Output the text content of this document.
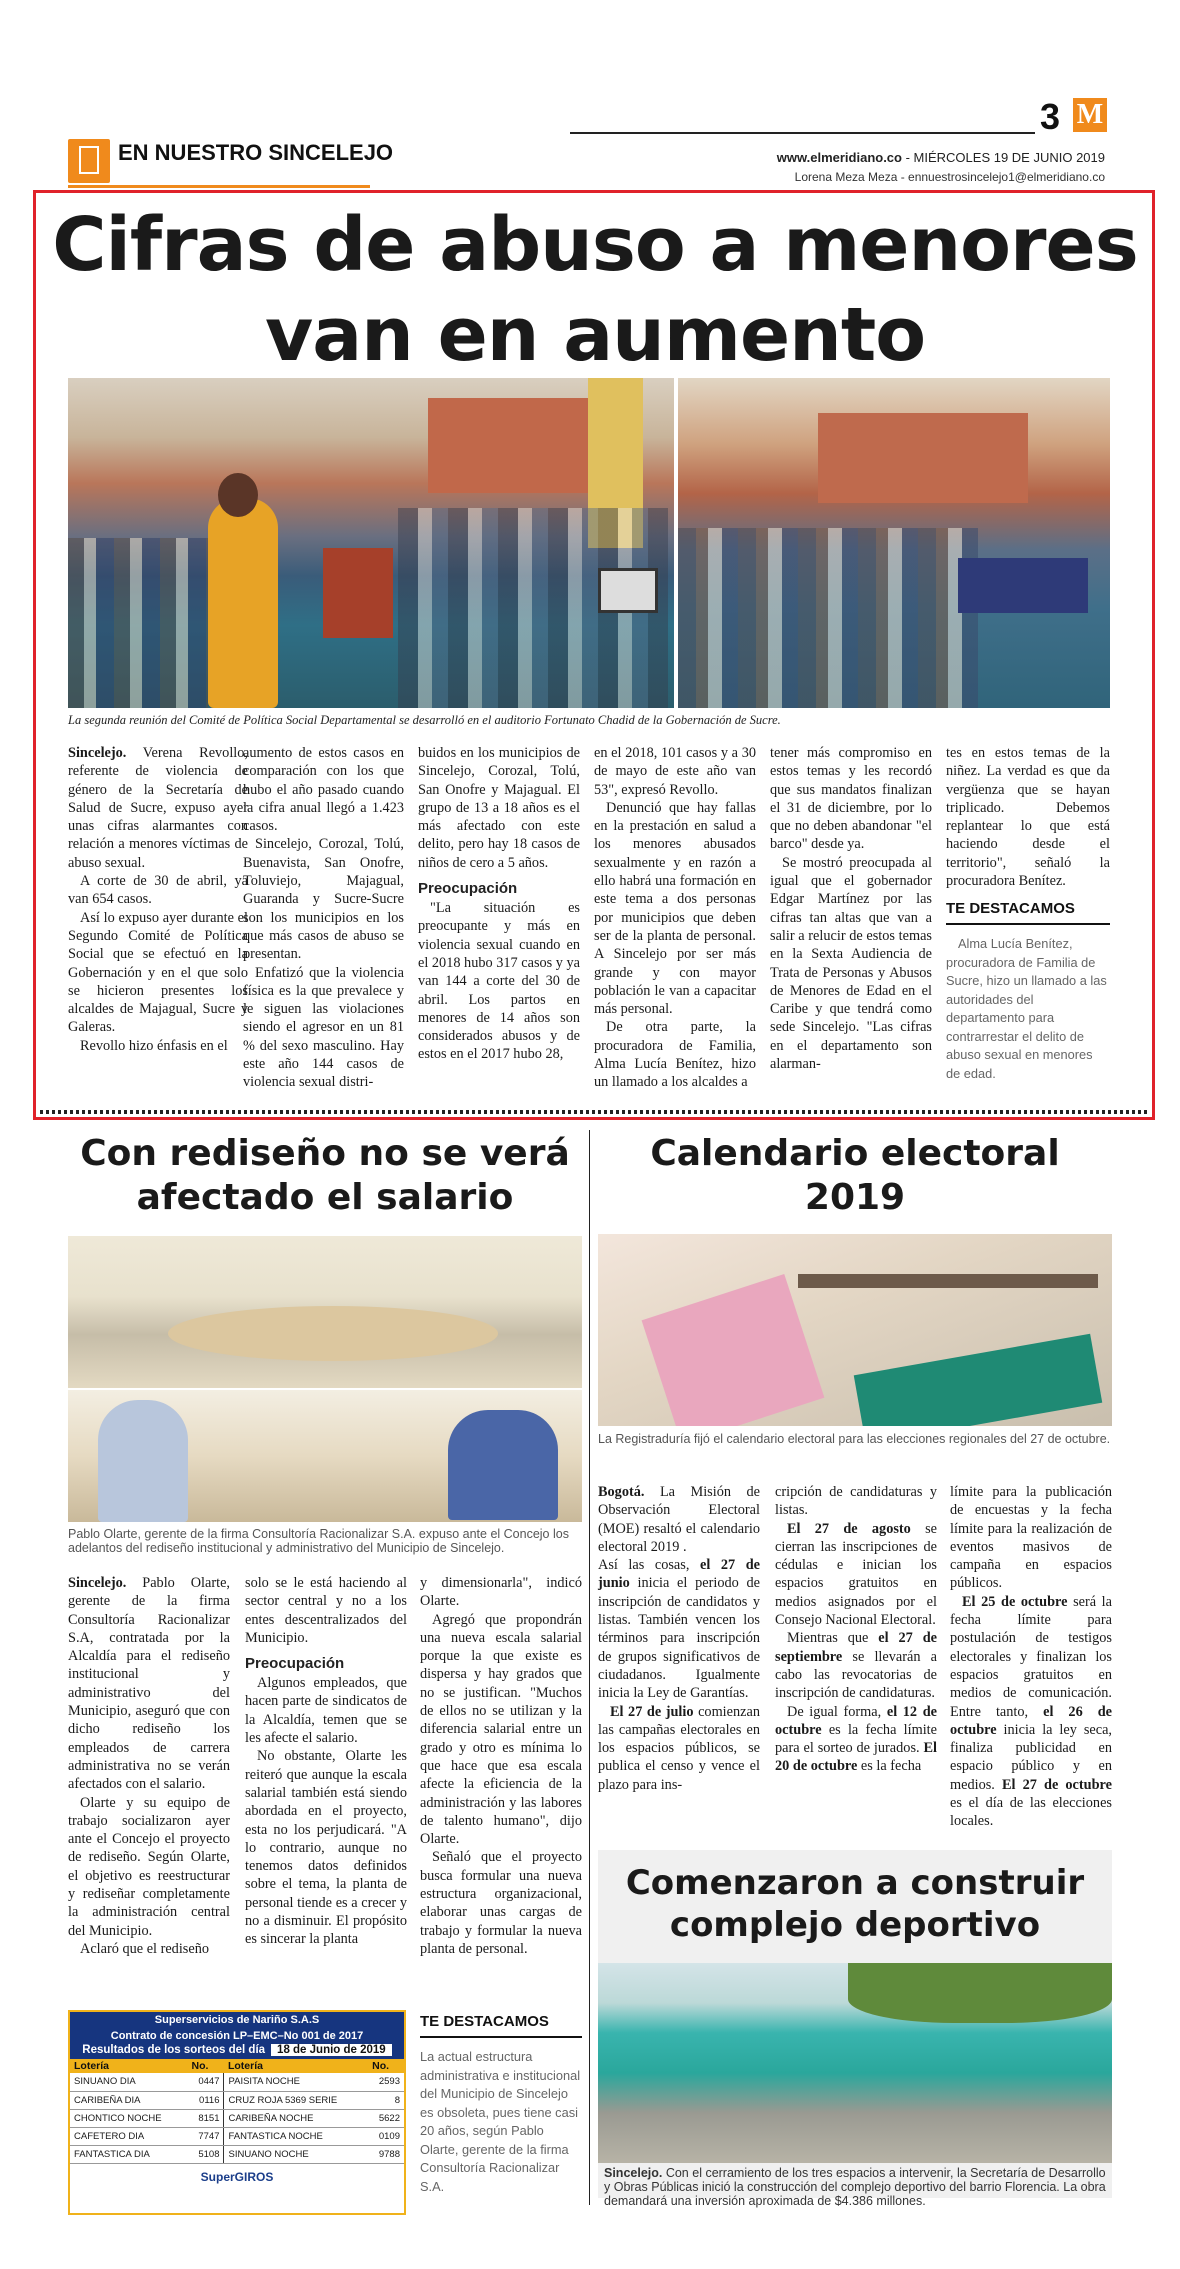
3 M
EN NUESTRO SINCELEJO	www.elmeridiano.co - MIÉRCOLES 19 DE JUNIO 2019
Lorena Meza Meza - ennuestrosincelejo1@elmeridiano.co
Cifras de abuso a menores van en aumento
La segunda reunión del Comité de Política Social Departamental se desarrolló en el auditorio Fortunato Chadid de la Gobernación de Sucre.

Sincelejo. Verena Revollo, referente de violencia de género de la Secretaría de Salud de Sucre, expuso ayer unas cifras alarmantes con relación a menores víctimas de abuso sexual.

A corte de 30 de abril, ya van 654 casos.

Así lo expuso ayer durante el Segundo Comité de Política Social que se efectuó en la Gobernación y en el que solo se hicieron presentes los alcaldes de Majagual, Sucre y Galeras.

Revollo hizo énfasis en el

aumento de estos casos en comparación con los que hubo el año pasado cuando la cifra anual llegó a 1.423 casos.

Sincelejo, Corozal, Tolú, Buenavista, San Onofre, Toluviejo, Majagual, Guaranda y Sucre-Sucre son los municipios en los que más casos de abuso se presentan.

Enfatizó que la violencia física es la que prevalece y le siguen las violaciones siendo el agresor en un 81 % del sexo masculino. Hay este año 144 casos de violencia sexual distri-

buidos en los municipios de Sincelejo, Corozal, Tolú, San Onofre y Majagual. El grupo de 13 a 18 años es el más afectado con este delito, pero hay 18 casos de niños de cero a 5 años.

Preocupación

"La situación es preocupante y más en violencia sexual cuando en el 2018 hubo 317 casos y ya van 144 a corte del 30 de abril. Los partos en menores de 14 años son considerados abusos y de estos en el 2017 hubo 28,

en el 2018, 101 casos y a 30 de mayo de este año van 53", expresó Revollo.

Denunció que hay fallas en la prestación en salud a los menores abusados sexualmente y en razón a ello habrá una formación en este tema a dos personas por municipios que deben ser de la planta de personal. A Sincelejo por ser más grande y con mayor población le van a capacitar más personal.

De otra parte, la procuradora de Familia, Alma Lucía Benítez, hizo un llamado a los alcaldes a

tener más compromiso en estos temas y les recordó que sus mandatos finalizan el 31 de diciembre, por lo que no deben abandonar "el barco" desde ya.

Se mostró preocupada al igual que el gobernador Edgar Martínez por las cifras tan altas que van a salir a relucir de estos temas en la Sexta Audiencia de Trata de Personas y Abusos de Menores de Edad en el Caribe y que tendrá como sede Sincelejo. "Las cifras en el departamento son alarman-

tes en estos temas de la niñez. La verdad es que da vergüenza que se hayan triplicado. Debemos replantear lo que está haciendo desde el territorio", señaló la procuradora Benítez.

TE DESTACAMOS

Alma Lucía Benítez, procuradora de Familia de Sucre, hizo un llamado a las autoridades del departamento para contrarrestar el delito de abuso sexual en menores de edad.

Con rediseño no se verá afectado el salario
Pablo Olarte, gerente de la firma Consultoría Racionalizar S.A. expuso ante el Concejo los adelantos del rediseño institucional y administrativo del Municipio de Sincelejo.

Sincelejo. Pablo Olarte, gerente de la firma Consultoría Racionalizar S.A, contratada por la Alcaldía para el rediseño institucional y administrativo del Municipio, aseguró que con dicho rediseño los empleados de carrera administrativa no se verán afectados con el salario.

Olarte y su equipo de trabajo socializaron ayer ante el Concejo el proyecto de rediseño. Según Olarte, el objetivo es reestructurar y rediseñar completamente la administración central del Municipio.

Aclaró que el rediseño

solo se le está haciendo al sector central y no a los entes descentralizados del Municipio.

Preocupación

Algunos empleados, que hacen parte de sindicatos de la Alcaldía, temen que se les afecte el salario.

No obstante, Olarte les reiteró que aunque la escala salarial también está siendo abordada en el proyecto, esta no los perjudicará. "A lo contrario, aunque no tenemos datos definidos sobre el tema, la planta de personal tiende es a crecer y no a disminuir. El propósito es sincerar la planta

y dimensionarla", indicó Olarte.

Agregó que propondrán una nueva escala salarial porque la que existe es dispersa y hay grados que no se justifican. "Muchos de ellos no se utilizan y la diferencia salarial entre un grado y otro es mínima lo que hace que esa escala afecte la eficiencia de la administración y las labores de talento humano", dijo Olarte.

Señaló que el proyecto busca formular una nueva estructura organizacional, elaborar unas cargas de trabajo y formular la nueva planta de personal.

TE DESTACAMOS

La actual estructura administrativa e institucional del Municipio de Sincelejo es obsoleta, pues tiene casi 20 años, según Pablo Olarte, gerente de la firma Consultoría Racionalizar S.A.

Superservicios de Nariño S.A.S
Contrato de concesión LP–EMC–No 001 de 2017
Resultados de los sorteos del día 18 de Junio de 2019
Lotería	No.	Lotería	No.
SINUANO DIA	0447	PAISITA NOCHE	2593
CARIBEÑA DIA	0116	CRUZ ROJA 5369 SERIE	8
CHONTICO NOCHE	8151	CARIBEÑA NOCHE	5622
CAFETERO DIA	7747	FANTASTICA NOCHE	0109
FANTASTICA DIA	5108	SINUANO NOCHE	9788
SuperGIROS
Calendario electoral 2019
La Registraduría fijó el calendario electoral para las elecciones regionales del 27 de octubre.

Bogotá. La Misión de Observación Electoral (MOE) resaltó el calendario electoral 2019 .

Así las cosas, el 27 de junio inicia el periodo de inscripción de candidatos y listas. También vencen los términos para inscripción de grupos significativos de ciudadanos. Igualmente inicia la Ley de Garantías.

El 27 de julio comienzan las campañas electorales en los espacios públicos, se publica el censo y vence el plazo para ins-

cripción de candidaturas y listas.

El 27 de agosto se cierran las inscripciones de cédulas e inician los espacios gratuitos en medios asignados por el Consejo Nacional Electoral.

Mientras que el 27 de septiembre se llevarán a cabo las revocatorias de inscripción de candidaturas.

De igual forma, el 12 de octubre es la fecha límite para el sorteo de jurados. El 20 de octubre es la fecha

límite para la publicación de encuestas y la fecha límite para la realización de eventos masivos de campaña en espacios públicos.

El 25 de octubre será la fecha límite para postulación de testigos electorales y finalizan los espacios gratuitos en medios de comunicación. Entre tanto, el 26 de octubre inicia la ley seca, finaliza publicidad en espacio público y en medios. El 27 de octubre es el día de las elecciones locales.

Comenzaron a construir complejo deportivo
Sincelejo. Con el cerramiento de los tres espacios a intervenir, la Secretaría de Desarrollo y Obras Públicas inició la construcción del complejo deportivo del barrio Florencia. La obra demandará una inversión aproximada de $4.386 millones.
